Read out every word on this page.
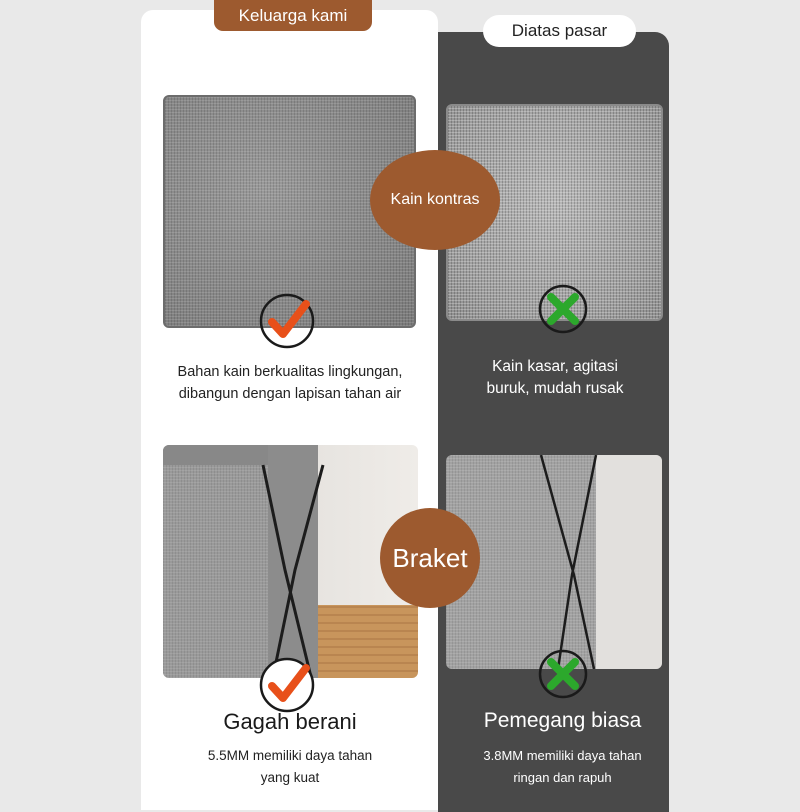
Keluarga kami
Diatas pasar
Kain kontras
Bahan kain berkualitas lingkungan,
dibangun dengan lapisan tahan air
Kain kasar, agitasi
buruk, mudah rusak
Braket
Gagah berani	Pemegang biasa
5.5MM memiliki daya tahan
yang kuat
3.8MM memiliki daya tahan
ringan dan rapuh
